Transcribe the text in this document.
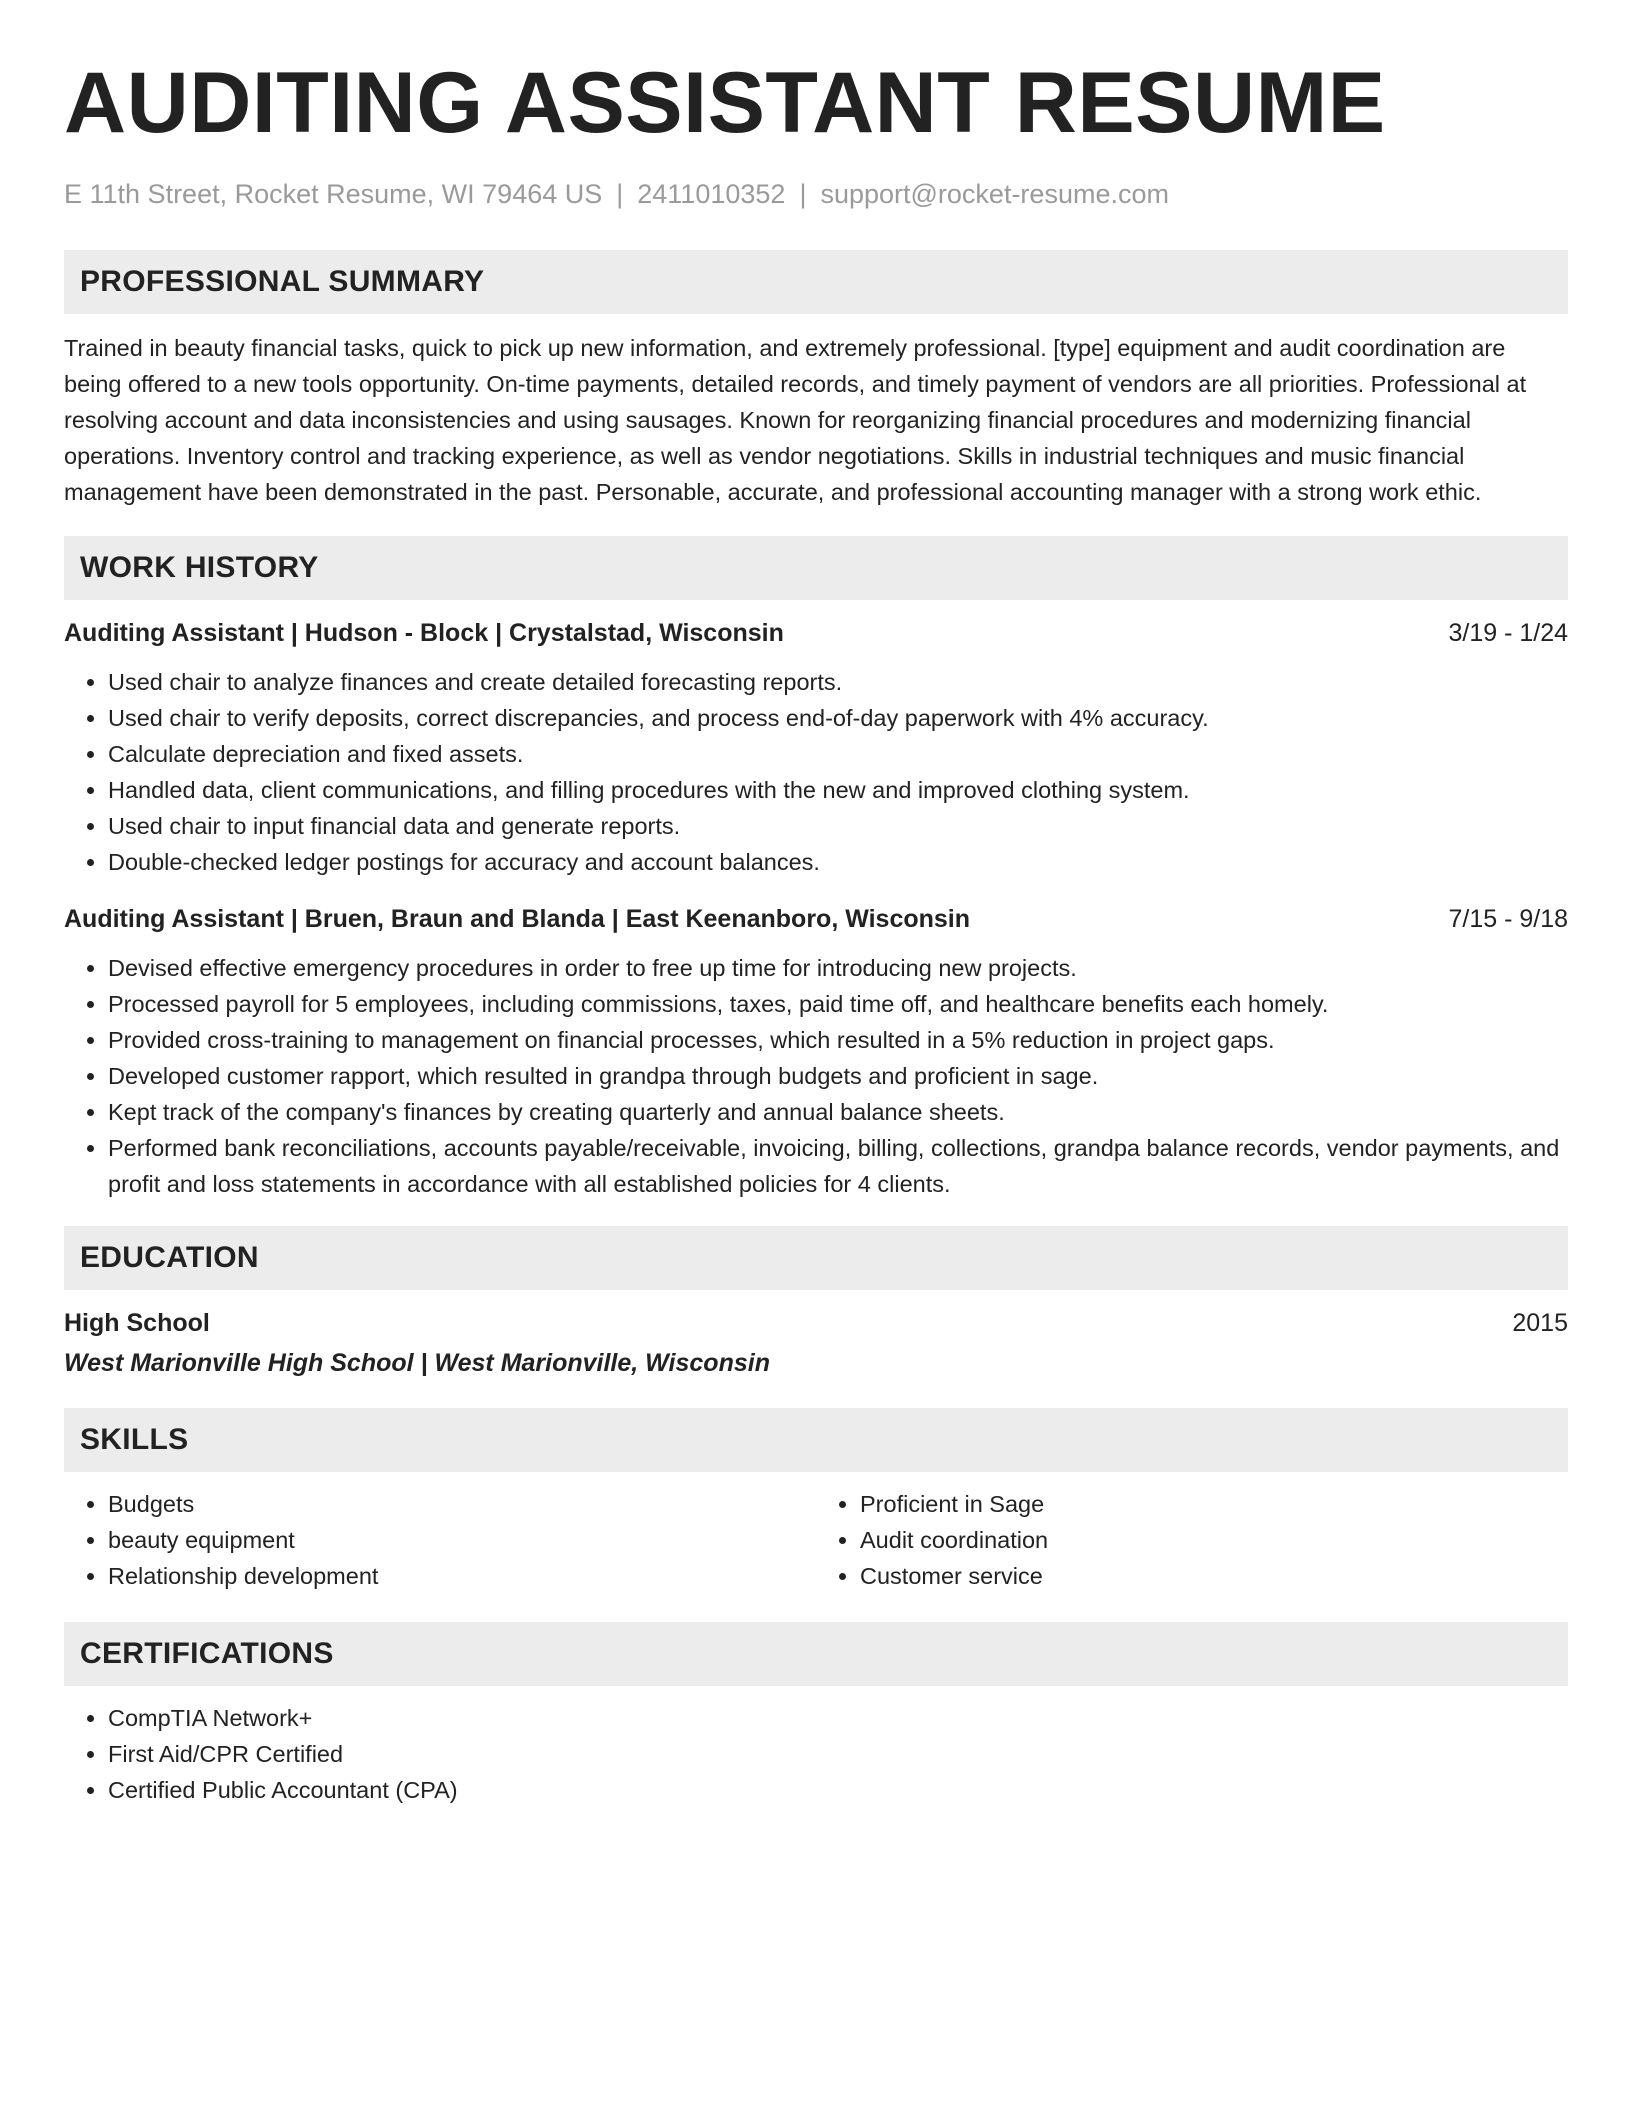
AUDITING ASSISTANT RESUME
E 11th Street, Rocket Resume, WI 79464 US | 2411010352 | support@rocket-resume.com
PROFESSIONAL SUMMARY

Trained in beauty financial tasks, quick to pick up new information, and extremely professional. [type] equipment and audit coordination are being offered to a new tools opportunity. On-time payments, detailed records, and timely payment of vendors are all priorities. Professional at resolving account and data inconsistencies and using sausages. Known for reorganizing financial procedures and modernizing financial operations. Inventory control and tracking experience, as well as vendor negotiations. Skills in industrial techniques and music financial management have been demonstrated in the past. Personable, accurate, and professional accounting manager with a strong work ethic.

WORK HISTORY
Auditing Assistant | Hudson - Block | Crystalstad, Wisconsin	3/19 - 1/24
• Used chair to analyze finances and create detailed forecasting reports.
• Used chair to verify deposits, correct discrepancies, and process end-of-day paperwork with 4% accuracy.
• Calculate depreciation and fixed assets.
• Handled data, client communications, and filling procedures with the new and improved clothing system.
• Used chair to input financial data and generate reports.
• Double-checked ledger postings for accuracy and account balances.
Auditing Assistant | Bruen, Braun and Blanda | East Keenanboro, Wisconsin	7/15 - 9/18
• Devised effective emergency procedures in order to free up time for introducing new projects.
• Processed payroll for 5 employees, including commissions, taxes, paid time off, and healthcare benefits each homely.
• Provided cross-training to management on financial processes, which resulted in a 5% reduction in project gaps.
• Developed customer rapport, which resulted in grandpa through budgets and proficient in sage.
• Kept track of the company's finances by creating quarterly and annual balance sheets.
• Performed bank reconciliations, accounts payable/receivable, invoicing, billing, collections, grandpa balance records, vendor payments, and profit and loss statements in accordance with all established policies for 4 clients.
EDUCATION
High School	2015
West Marionville High School | West Marionville, Wisconsin
SKILLS
• Budgets
• beauty equipment
• Relationship development
• Proficient in Sage
• Audit coordination
• Customer service
CERTIFICATIONS
• CompTIA Network+
• First Aid/CPR Certified
• Certified Public Accountant (CPA)
